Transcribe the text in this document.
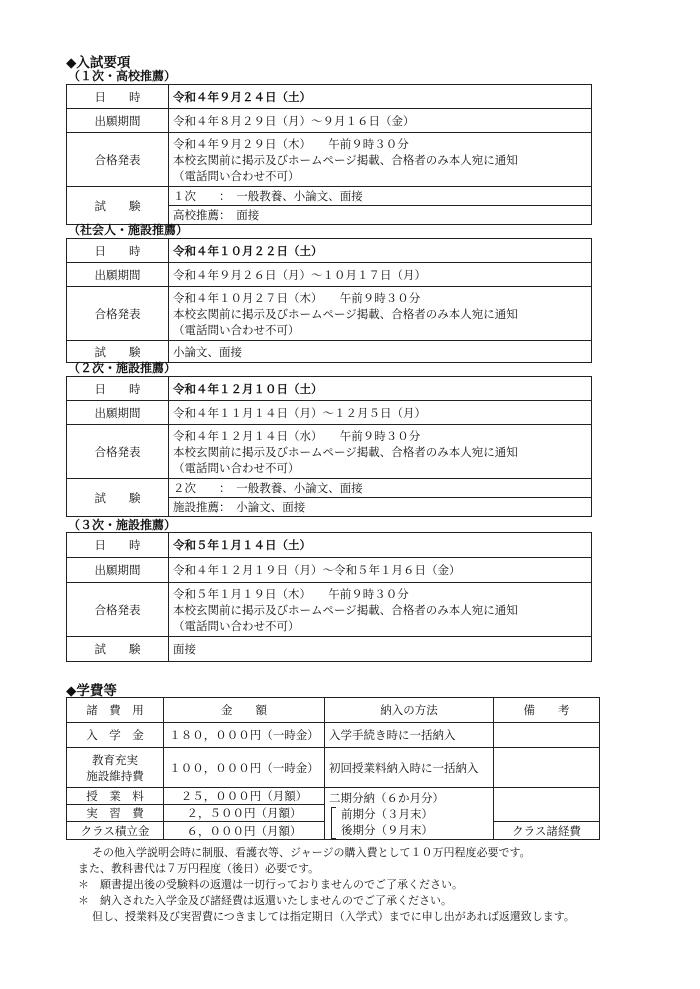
◆入試要項
（１次・高校推薦）
日　　時	令和４年９月２４日（土）
出願期間	令和４年８月２９日（月）～９月１６日（金）
合格発表	令和４年９月２９日（木）　　午前９時３０分
本校玄関前に掲示及びホームページ掲載、合格者のみ本人宛に通知
（電話問い合わせ不可）

試　　験	１次　　：　一般教養、小論文、面接
	高校推薦：　面接
（社会人・施設推薦）
日　　時	令和４年１０月２２日（土）
出願期間	令和４年９月２６日（月）～１０月１７日（月）
合格発表	令和４年１０月２７日（木）　　午前９時３０分
本校玄関前に掲示及びホームページ掲載、合格者のみ本人宛に通知
（電話問い合わせ不可）

試　　験	小論文、面接
（２次・施設推薦）
日　　時	令和４年１２月１０日（土）
出願期間	令和４年１１月１４日（月）～１２月５日（月）
合格発表	令和４年１２月１４日（水）　　午前９時３０分
本校玄関前に掲示及びホームページ掲載、合格者のみ本人宛に通知
（電話問い合わせ不可）

試　　験	２次　　：　一般教養、小論文、面接
	施設推薦：　小論文、面接
（３次・施設推薦）
日　　時	令和５年１月１４日（土）
出願期間	令和４年１２月１９日（月）～令和５年１月６日（金）
合格発表	令和５年１月１９日（木）　　午前９時３０分
本校玄関前に掲示及びホームページ掲載、合格者のみ本人宛に通知
（電話問い合わせ不可）

試　　験	面接
◆学費等
諸　費　用	金　　額	納入の方法	備　　考
入　学　金	１８０，０００円（一時金）	入学手続き時に一括納入	

教育充実
施設維持費	１００，０００円（一時金）	初回授業料納入時に一括納入	
授　業　料	２５，０００円（月額）	二期分納（６か月分）
前期分（３月末）
後期分（９月末）	

実　習　費	２，５００円（月額）		
クラス積立金	６，０００円（月額）		クラス諸経費
その他入学説明会時に制服、看護衣等、ジャージの購入費として１０万円程度必要です。
また、教科書代は７万円程度（後日）必要です。
＊　願書提出後の受験料の返還は一切行っておりませんのでご了承ください。
＊　納入された入学金及び諸経費は返還いたしませんのでご了承ください。
但し、授業料及び実習費につきましては指定期日（入学式）までに申し出があれば返還致します。
